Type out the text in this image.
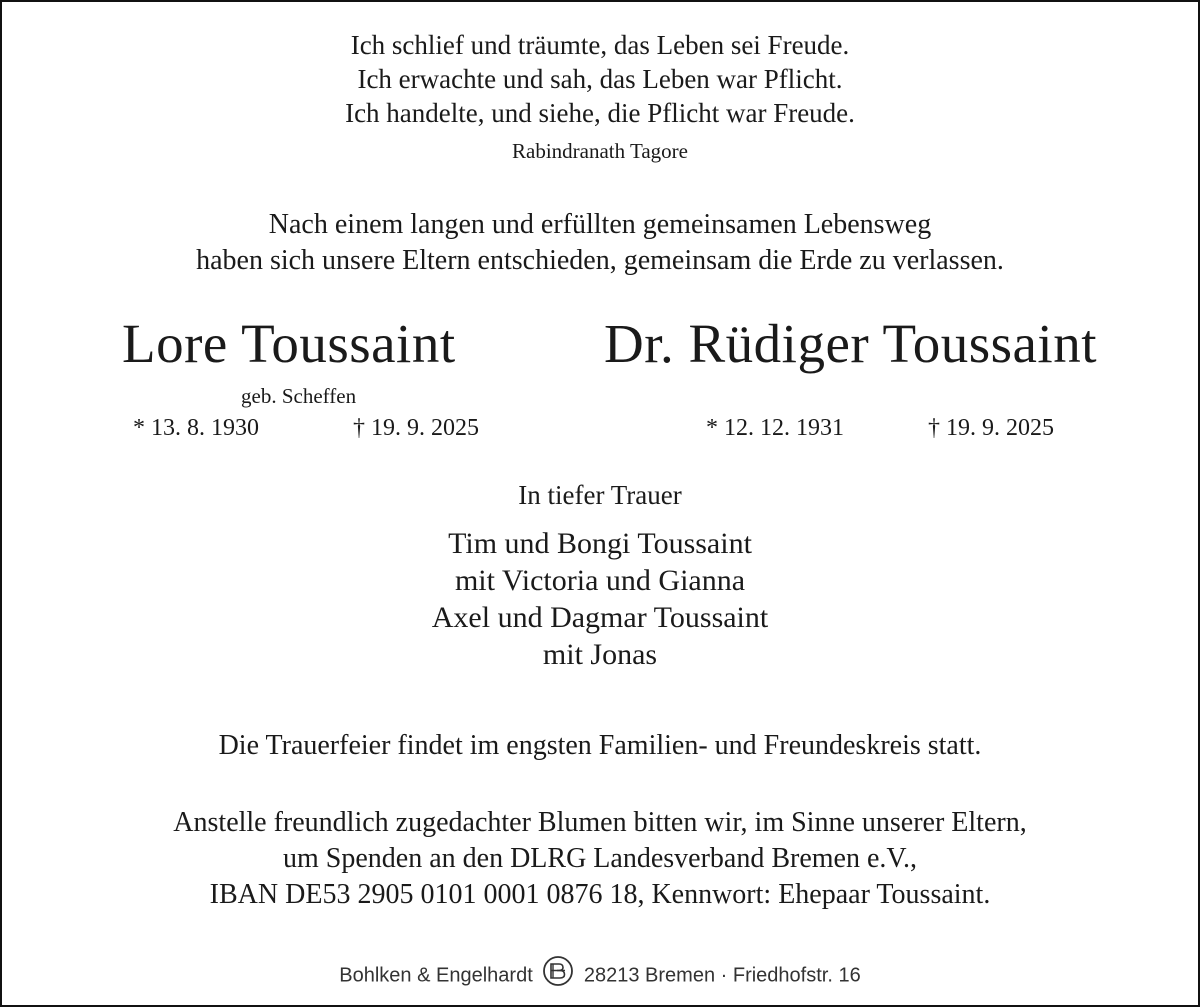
Ich schlief und träumte, das Leben sei Freude.
Ich erwachte und sah, das Leben war Pflicht.
Ich handelte, und siehe, die Pflicht war Freude.
Rabindranath Tagore
Nach einem langen und erfüllten gemeinsamen Lebensweg
haben sich unsere Eltern entschieden, gemeinsam die Erde zu verlassen.
Lore Toussaint
geb. Scheffen
* 13. 8. 1930	† 19. 9. 2025
Dr. Rüdiger Toussaint
* 12. 12. 1931	† 19. 9. 2025
In tiefer Trauer
Tim und Bongi Toussaint
mit Victoria und Gianna
Axel und Dagmar Toussaint
mit Jonas
Die Trauerfeier findet im engsten Familien- und Freundeskreis statt.
Anstelle freundlich zugedachter Blumen bitten wir, im Sinne unserer Eltern,
um Spenden an den DLRG Landesverband Bremen e.V.,
IBAN DE53 2905 0101 0001 0876 18, Kennwort: Ehepaar Toussaint.
Bohlken & Engelhardt	28213 Bremen · Friedhofstr. 16
